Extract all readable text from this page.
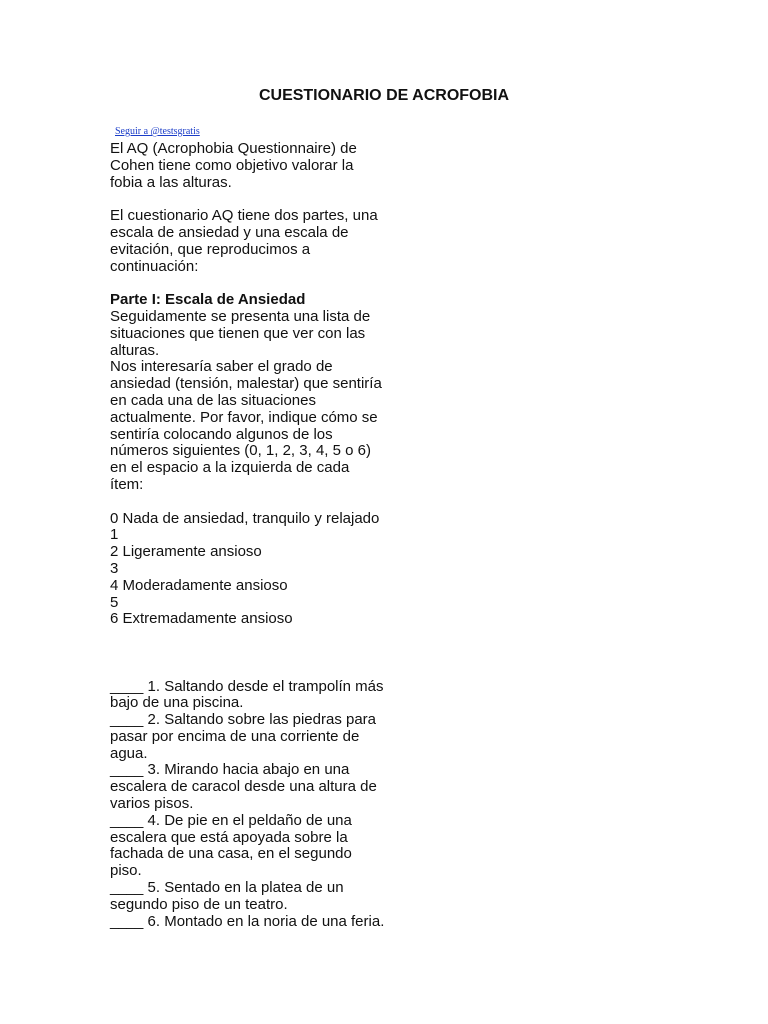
CUESTIONARIO DE ACROFOBIA
Seguir a @testsgratis
El AQ (Acrophobia Questionnaire) de
Cohen tiene como objetivo valorar la
fobia a las alturas.
El cuestionario AQ tiene dos partes, una
escala de ansiedad y una escala de
evitación, que reproducimos a
continuación:
Parte I: Escala de Ansiedad
Seguidamente se presenta una lista de
situaciones que tienen que ver con las
alturas.
Nos interesaría saber el grado de
ansiedad (tensión, malestar) que sentiría
en cada una de las situaciones
actualmente. Por favor, indique cómo se
sentiría colocando algunos de los
números siguientes (0, 1, 2, 3, 4, 5 o 6)
en el espacio a la izquierda de cada
ítem:
0 Nada de ansiedad, tranquilo y relajado
1
2 Ligeramente ansioso
3
4 Moderadamente ansioso
5
6 Extremadamente ansioso
____ 1. Saltando desde el trampolín más
bajo de una piscina.
____ 2. Saltando sobre las piedras para
pasar por encima de una corriente de
agua.
____ 3. Mirando hacia abajo en una
escalera de caracol desde una altura de
varios pisos.
____ 4. De pie en el peldaño de una
escalera que está apoyada sobre la
fachada de una casa, en el segundo
piso.
____ 5. Sentado en la platea de un
segundo piso de un teatro.
____ 6. Montado en la noria de una feria.
